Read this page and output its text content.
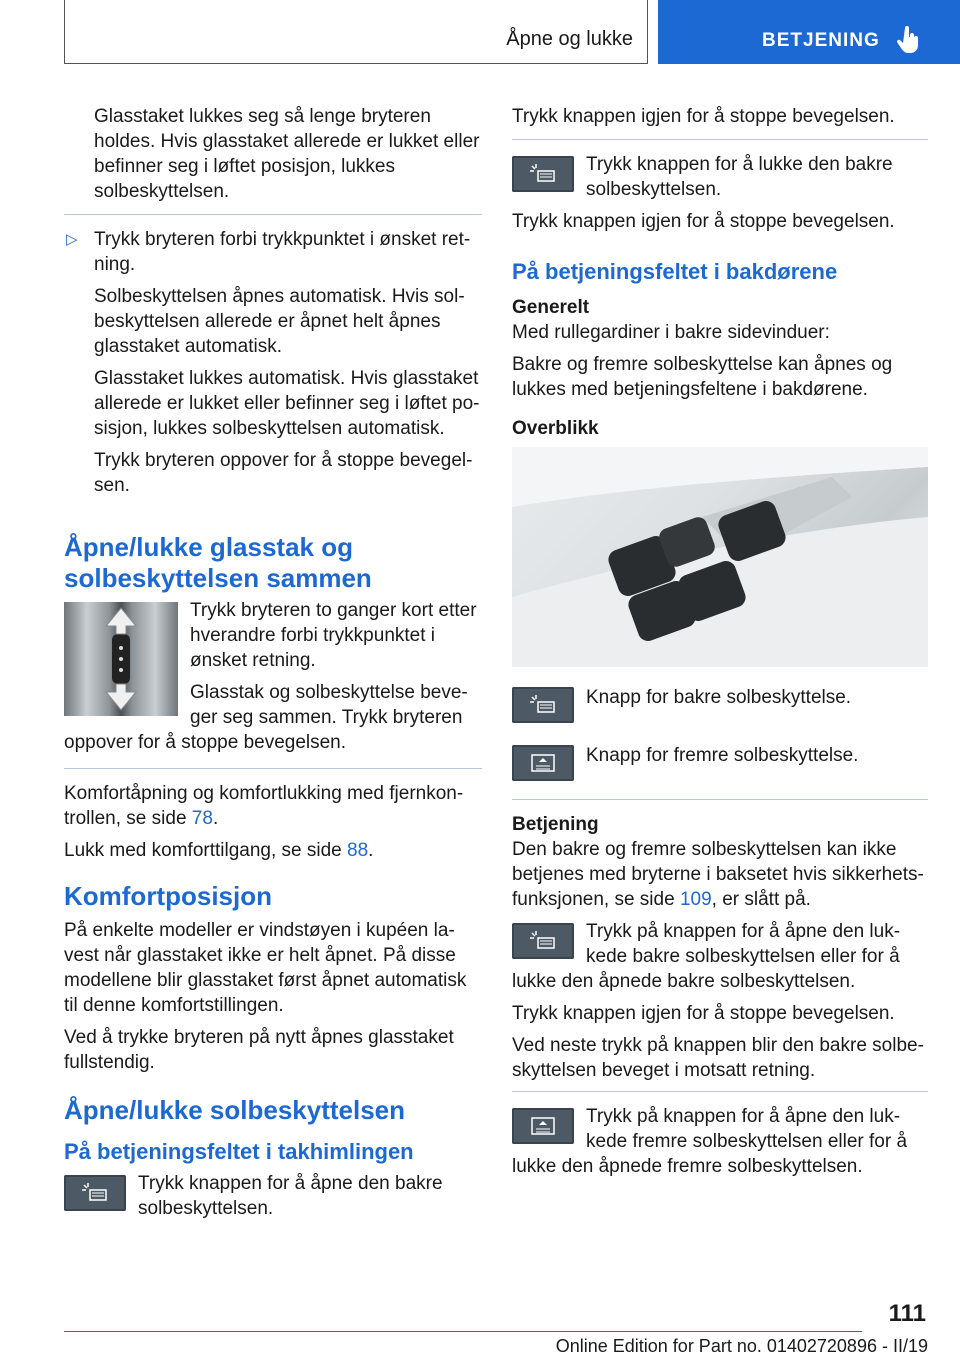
Åpne og lukke	BETJENING

Glasstaket lukkes seg så lenge bryteren holdes. Hvis glasstaket allerede er lukket eller befinner seg i løftet posisjon, lukkes solbeskyttelsen.

▷ Trykk bryteren forbi trykkpunktet i ønsket retning.

Solbeskyttelsen åpnes automatisk. Hvis solbeskyttelsen allerede er åpnet helt åpnes glasstaket automatisk.

Glasstaket lukkes automatisk. Hvis glasstaket allerede er lukket eller befinner seg i løftet posisjon, lukkes solbeskyttelsen automatisk.

Trykk bryteren oppover for å stoppe bevegelsen.

Åpne/lukke glasstak og solbeskyttelsen sammen

Trykk bryteren to ganger kort etter hverandre forbi trykkpunktet i ønsket retning.

Glasstak og solbeskyttelse beveger seg sammen. Trykk bryteren oppover for å stoppe bevegelsen.

Komfortåpning og komfortlukking med fjernkontrollen, se side 78.

Lukk med komforttilgang, se side 88.

Komfortposisjon

På enkelte modeller er vindstøyen i kupéen lavest når glasstaket ikke er helt åpnet. På disse modellene blir glasstaket først åpnet automatisk til denne komfortstillingen.

Ved å trykke bryteren på nytt åpnes glasstaket fullstendig.

Åpne/lukke solbeskyttelsen
På betjeningsfeltet i takhimlingen

Trykk knappen for å åpne den bakre solbeskyttelsen.

Trykk knappen igjen for å stoppe bevegelsen.

Trykk knappen for å lukke den bakre solbeskyttelsen.

Trykk knappen igjen for å stoppe bevegelsen.

På betjeningsfeltet i bakdørene
Generelt

Med rullegardiner i bakre sidevinduer:

Bakre og fremre solbeskyttelse kan åpnes og lukkes med betjeningsfeltene i bakdørene.

Overblikk

Knapp for bakre solbeskyttelse.

Knapp for fremre solbeskyttelse.

Betjening

Den bakre og fremre solbeskyttelsen kan ikke betjenes med bryterne i baksetet hvis sikkerhetsfunksjonen, se side 109, er slått på.

Trykk på knappen for å åpne den lukkede bakre solbeskyttelsen eller for å lukke den åpnede bakre solbeskyttelsen.

Trykk knappen igjen for å stoppe bevegelsen.

Ved neste trykk på knappen blir den bakre solbeskyttelsen beveget i motsatt retning.

Trykk på knappen for å åpne den lukkede fremre solbeskyttelsen eller for å lukke den åpnede fremre solbeskyttelsen.

111
Online Edition for Part no. 01402720896 - II/19
